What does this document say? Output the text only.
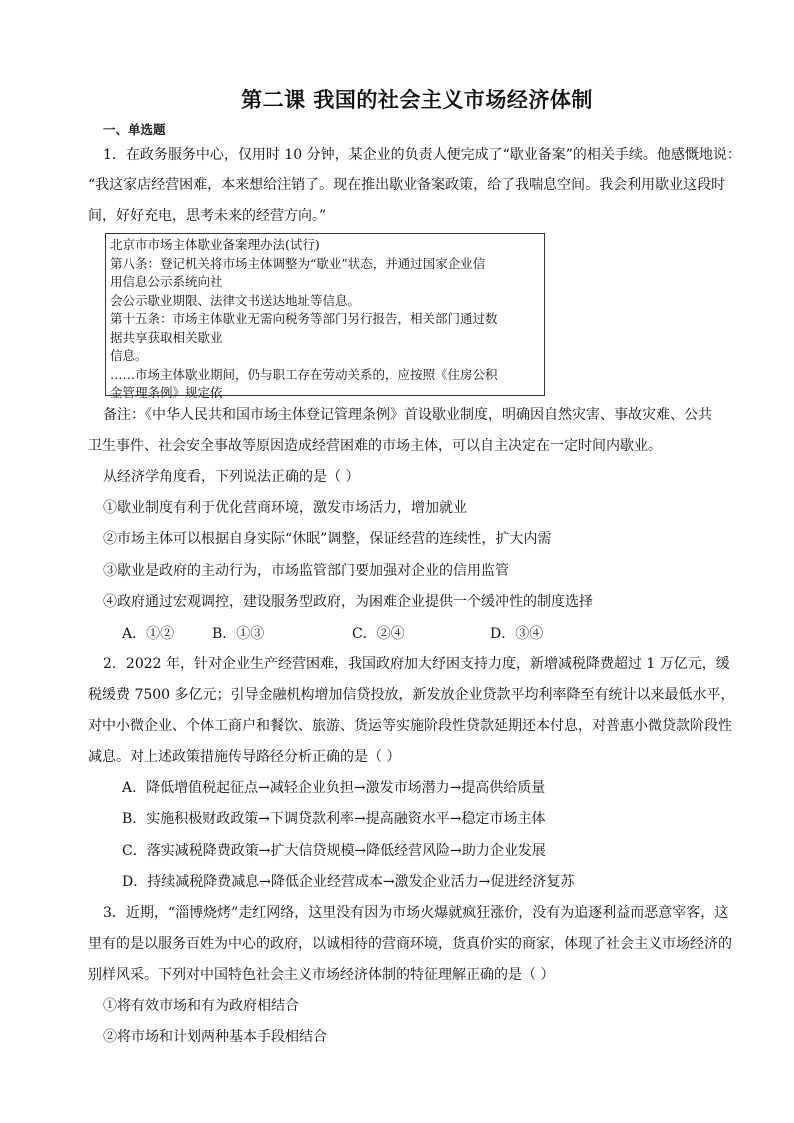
第二课 我国的社会主义市场经济体制
一、单选题
1．在政务服务中心，仅用时 10 分钟，某企业的负责人便完成了“歇业备案”的相关手续。他感慨地说：
“我这家店经营困难，本来想给注销了。现在推出歇业备案政策，给了我喘息空间。我会利用歇业这段时
间，好好充电，思考未来的经营方向。”
北京市市场主体歇业备案理办法(试行)
第八条：登记机关将市场主体调整为“歇业”状态，并通过国家企业信
用信息公示系统向社
会公示歇业期限、法律文书送达地址等信息。
第十五条：市场主体歇业无需向税务等部门另行报告，相关部门通过数
据共享获取相关歇业
信息。
……市场主体歇业期间，仍与职工存在劳动关系的，应按照《住房公积
金管理条例》规定依
备注：《中华人民共和国市场主体登记管理条例》首设歇业制度，明确因自然灾害、事故灾难、公共
卫生事件、社会安全事故等原因造成经营困难的市场主体，可以自主决定在一定时间内歇业。
从经济学角度看，下列说法正确的是（ ）
①歇业制度有利于优化营商环境，激发市场活力，增加就业
②市场主体可以根据自身实际“休眠”调整，保证经营的连续性，扩大内需
③歇业是政府的主动行为，市场监管部门要加强对企业的信用监管
④政府通过宏观调控，建设服务型政府，为困难企业提供一个缓冲性的制度选择
A．①②	B．①③	C．②④	D．③④
2．2022 年，针对企业生产经营困难，我国政府加大纾困支持力度，新增减税降费超过 1 万亿元，缓
税缓费 7500 多亿元；引导金融机构增加信贷投放，新发放企业贷款平均利率降至有统计以来最低水平，
对中小微企业、个体工商户和餐饮、旅游、货运等实施阶段性贷款延期还本付息，对普惠小微贷款阶段性
减息。对上述政策措施传导路径分析正确的是（ ）
A．降低增值税起征点→减轻企业负担→激发市场潜力→提高供给质量
B．实施积极财政政策→下调贷款利率→提高融资水平→稳定市场主体
C．落实减税降费政策→扩大信贷规模→降低经营风险→助力企业发展
D．持续减税降费减息→降低企业经营成本→激发企业活力→促进经济复苏
3．近期，“淄博烧烤”走红网络，这里没有因为市场火爆就疯狂涨价，没有为追逐利益而恶意宰客，这
里有的是以服务百姓为中心的政府，以诚相待的营商环境，货真价实的商家，体现了社会主义市场经济的
别样风采。下列对中国特色社会主义市场经济体制的特征理解正确的是（ ）
①将有效市场和有为政府相结合
②将市场和计划两种基本手段相结合
